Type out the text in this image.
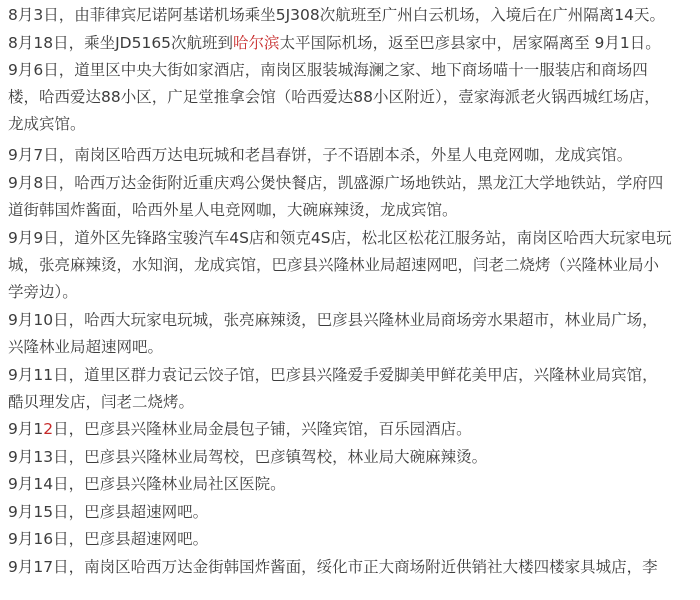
8月3日，由菲律宾尼诺阿基诺机场乘坐5J308次航班至广州白云机场，入境后在广州隔离14天。

8月18日，乘坐JD5165次航班到哈尔滨太平国际机场，返至巴彦县家中，居家隔离至 9月1日。

9月6日，道里区中央大街如家酒店，南岗区服装城海澜之家、地下商场喵十一服装店和商场四
楼，哈西爱达88小区，广足堂推拿会馆（哈西爱达88小区附近），壹家海派老火锅西城红场店，
龙成宾馆。

9月7日，南岗区哈西万达电玩城和老昌春饼，子不语剧本杀，外星人电竞网咖，龙成宾馆。

9月8日，哈西万达金街附近重庆鸡公煲快餐店，凯盛源广场地铁站，黑龙江大学地铁站，学府四
道街韩国炸酱面，哈西外星人电竞网咖，大碗麻辣烫，龙成宾馆。

9月9日，道外区先锋路宝骏汽车4S店和领克4S店，松北区松花江服务站，南岗区哈西大玩家电玩
城，张亮麻辣烫，水知润，龙成宾馆，巴彦县兴隆林业局超速网吧，闫老二烧烤（兴隆林业局小
学旁边）。

9月10日，哈西大玩家电玩城，张亮麻辣烫，巴彦县兴隆林业局商场旁水果超市，林业局广场，
兴隆林业局超速网吧。

9月11日，道里区群力袁记云饺子馆，巴彦县兴隆爱手爱脚美甲鲜花美甲店，兴隆林业局宾馆，
酷贝理发店，闫老二烧烤。

9月12日，巴彦县兴隆林业局金晨包子铺，兴隆宾馆，百乐园酒店。

9月13日，巴彦县兴隆林业局驾校，巴彦镇驾校，林业局大碗麻辣烫。

9月14日，巴彦县兴隆林业局社区医院。

9月15日，巴彦县超速网吧。

9月16日，巴彦县超速网吧。

9月17日，南岗区哈西万达金街韩国炸酱面，绥化市正大商场附近供销社大楼四楼家具城店，李
